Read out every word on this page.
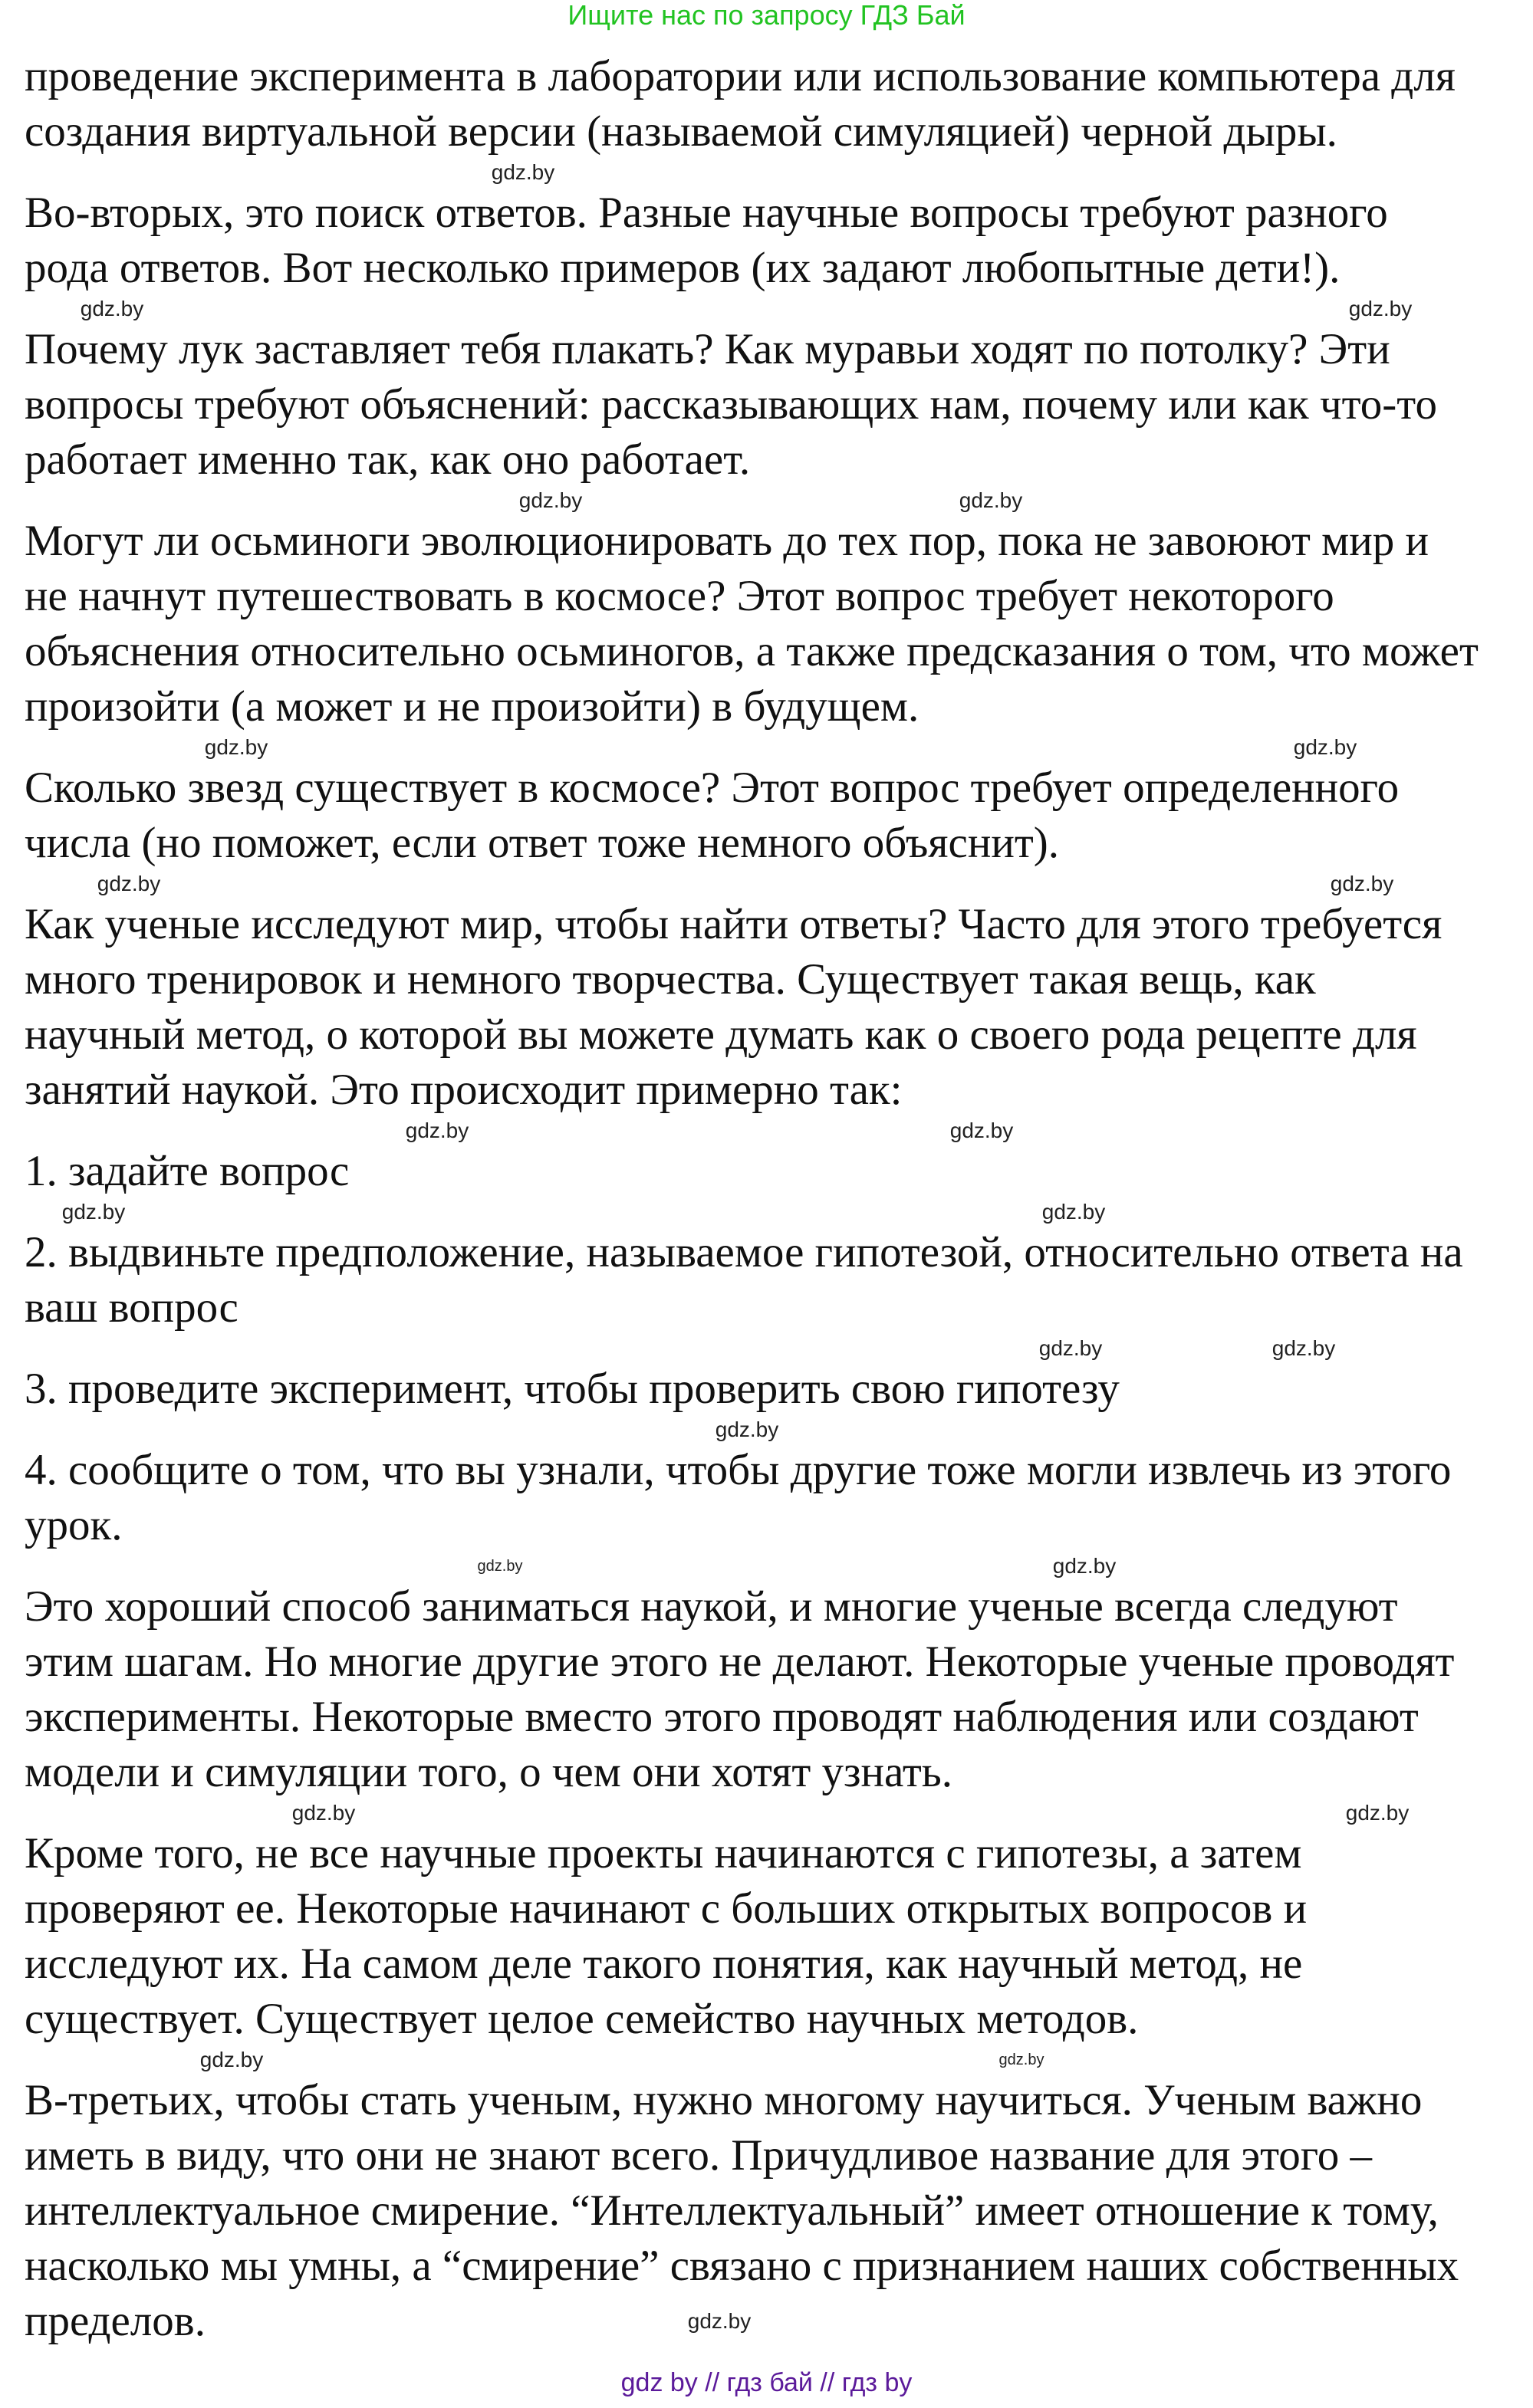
Ищите нас по запросу ГДЗ Бай
проведение эксперимента в лаборатории или использование компьютера для
создания виртуальной версии (называемой симуляцией) черной дыры.
Во-вторых, это поиск ответов. Разные научные вопросы требуют разного
рода ответов. Вот несколько примеров (их задают любопытные дети!).
Почему лук заставляет тебя плакать? Как муравьи ходят по потолку? Эти
вопросы требуют объяснений: рассказывающих нам, почему или как что-то
работает именно так, как оно работает.
Могут ли осьминоги эволюционировать до тех пор, пока не завоюют мир и
не начнут путешествовать в космосе? Этот вопрос требует некоторого
объяснения относительно осьминогов, а также предсказания о том, что может
произойти (а может и не произойти) в будущем.
Сколько звезд существует в космосе? Этот вопрос требует определенного
числа (но поможет, если ответ тоже немного объяснит).
Как ученые исследуют мир, чтобы найти ответы? Часто для этого требуется
много тренировок и немного творчества. Существует такая вещь, как
научный метод, о которой вы можете думать как о своего рода рецепте для
занятий наукой. Это происходит примерно так:
1. задайте вопрос
2. выдвиньте предположение, называемое гипотезой, относительно ответа на
ваш вопрос
3. проведите эксперимент, чтобы проверить свою гипотезу
4. сообщите о том, что вы узнали, чтобы другие тоже могли извлечь из этого
урок.
Это хороший способ заниматься наукой, и многие ученые всегда следуют
этим шагам. Но многие другие этого не делают. Некоторые ученые проводят
эксперименты. Некоторые вместо этого проводят наблюдения или создают
модели и симуляции того, о чем они хотят узнать.
Кроме того, не все научные проекты начинаются с гипотезы, а затем
проверяют ее. Некоторые начинают с больших открытых вопросов и
исследуют их. На самом деле такого понятия, как научный метод, не
существует. Существует целое семейство научных методов.
В-третьих, чтобы стать ученым, нужно многому научиться. Ученым важно
иметь в виду, что они не знают всего. Причудливое название для этого –
интеллектуальное смирение. “Интеллектуальный” имеет отношение к тому,
насколько мы умны, а “смирение” связано с признанием наших собственных
пределов.
gdz.by
gdz.by	gdz.by
gdz.by	gdz.by
gdz.by	gdz.by
gdz.by	gdz.by
gdz.by	gdz.by
gdz.by	gdz.by
gdz.by	gdz.by
gdz.by
gdz.by
gdz.by
gdz.by	gdz.by
gdz.by	gdz.by
gdz.by
gdz by // гдз бай // гдз by
